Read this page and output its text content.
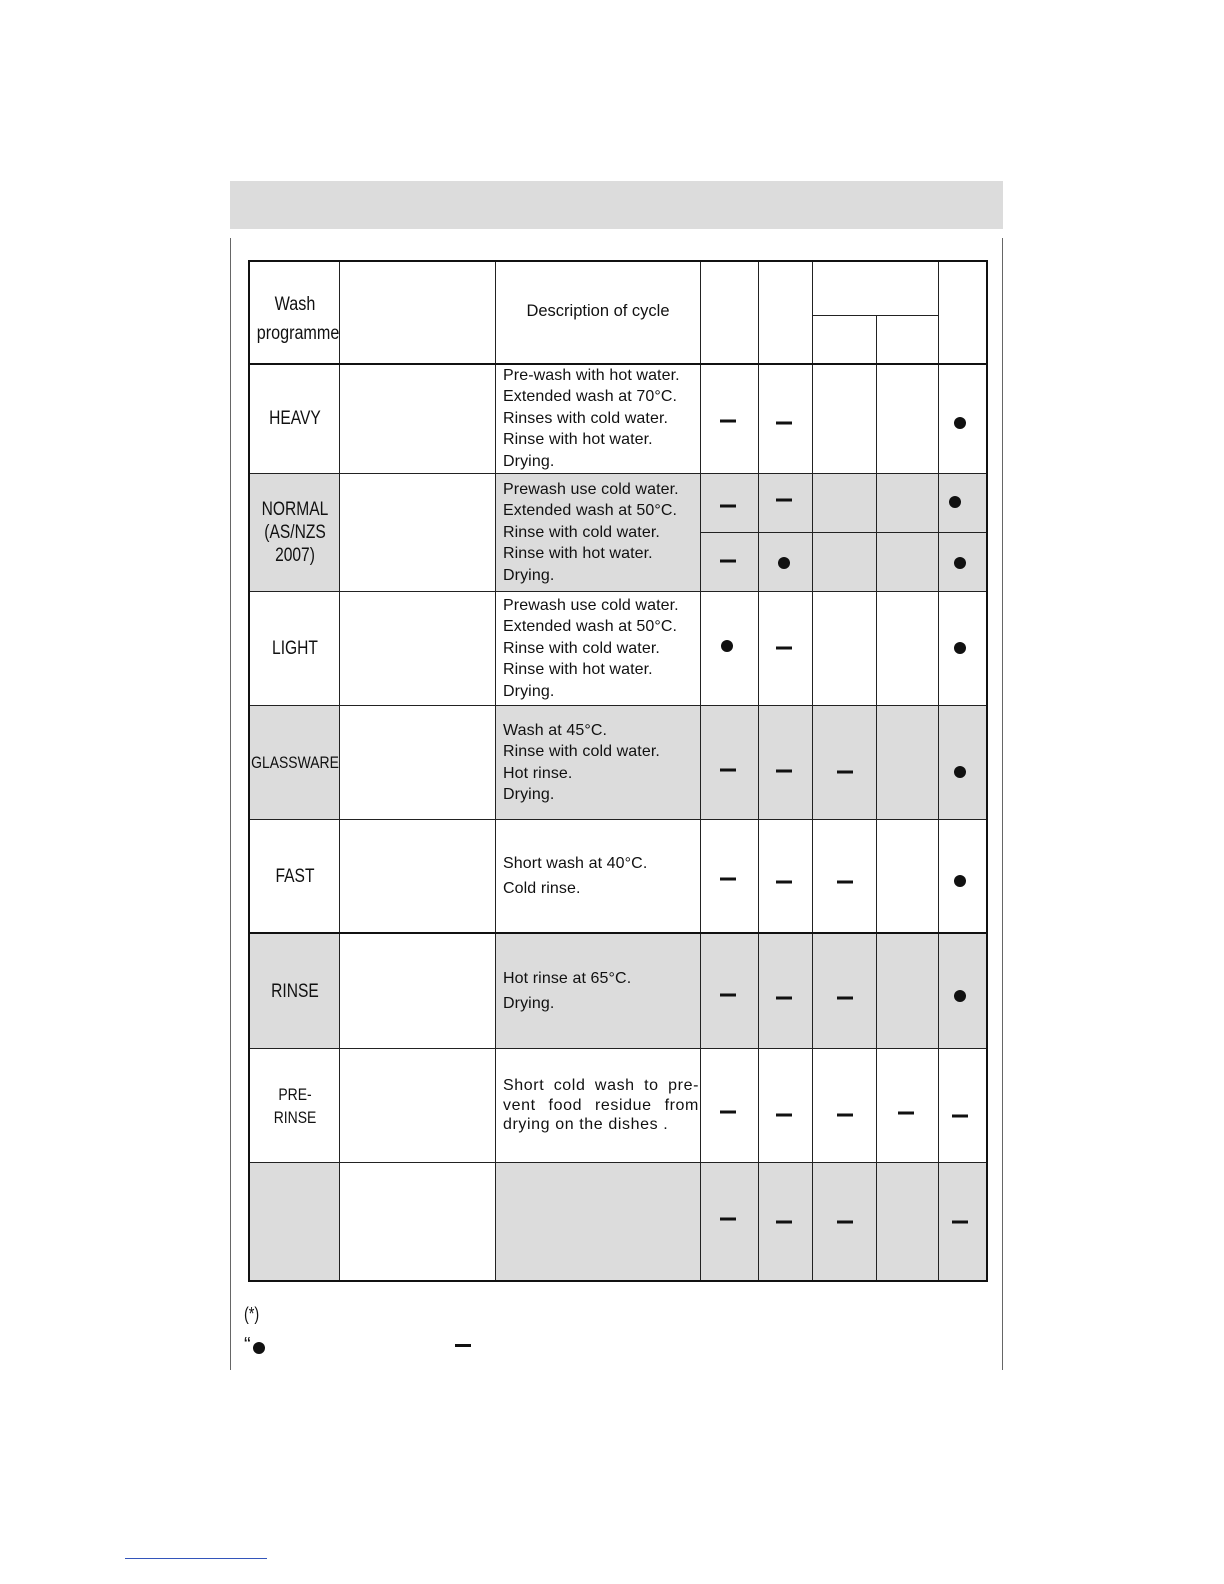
Wash
programme
Description of cycle
HEAVY
Pre-wash with hot water.
Extended wash at 70°C.
Rinses with cold water.
Rinse with hot water.
Drying.
NORMAL
(AS/NZS
2007)
Prewash use cold water.
Extended wash at 50°C.
Rinse with cold water.
Rinse with hot water.
Drying.
LIGHT
Prewash use cold water.
Extended wash at 50°C.
Rinse with cold water.
Rinse with hot water.
Drying.
GLASSWARE
Wash at 45°C.
Rinse with cold water.
Hot rinse.
Drying.
FAST
Short wash at 40°C.
Cold rinse.
RINSE
Hot rinse at 65°C.
Drying.
PRE-RINSE
Short cold wash to pre-vent food residue from drying on the dishes .
(*)
“
